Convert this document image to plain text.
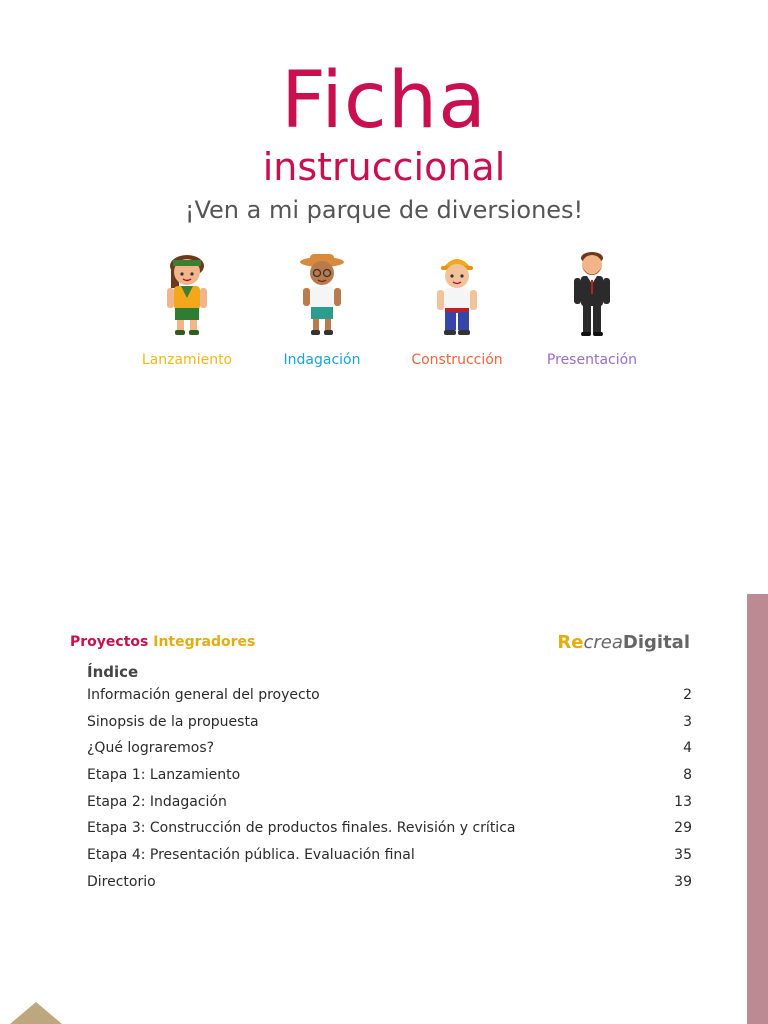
Ficha
instruccional
¡Ven a mi parque de diversiones!
Lanzamiento	Indagación	Construcción	Presentación
Proyectos Integradores	RecreaDigital
Índice
Información general del proyecto	2
Sinopsis de la propuesta	3
¿Qué lograremos?	4
Etapa 1: Lanzamiento	8
Etapa 2: Indagación	13
Etapa 3: Construcción de productos finales. Revisión y crítica	29
Etapa 4: Presentación pública. Evaluación final	35
Directorio	39
